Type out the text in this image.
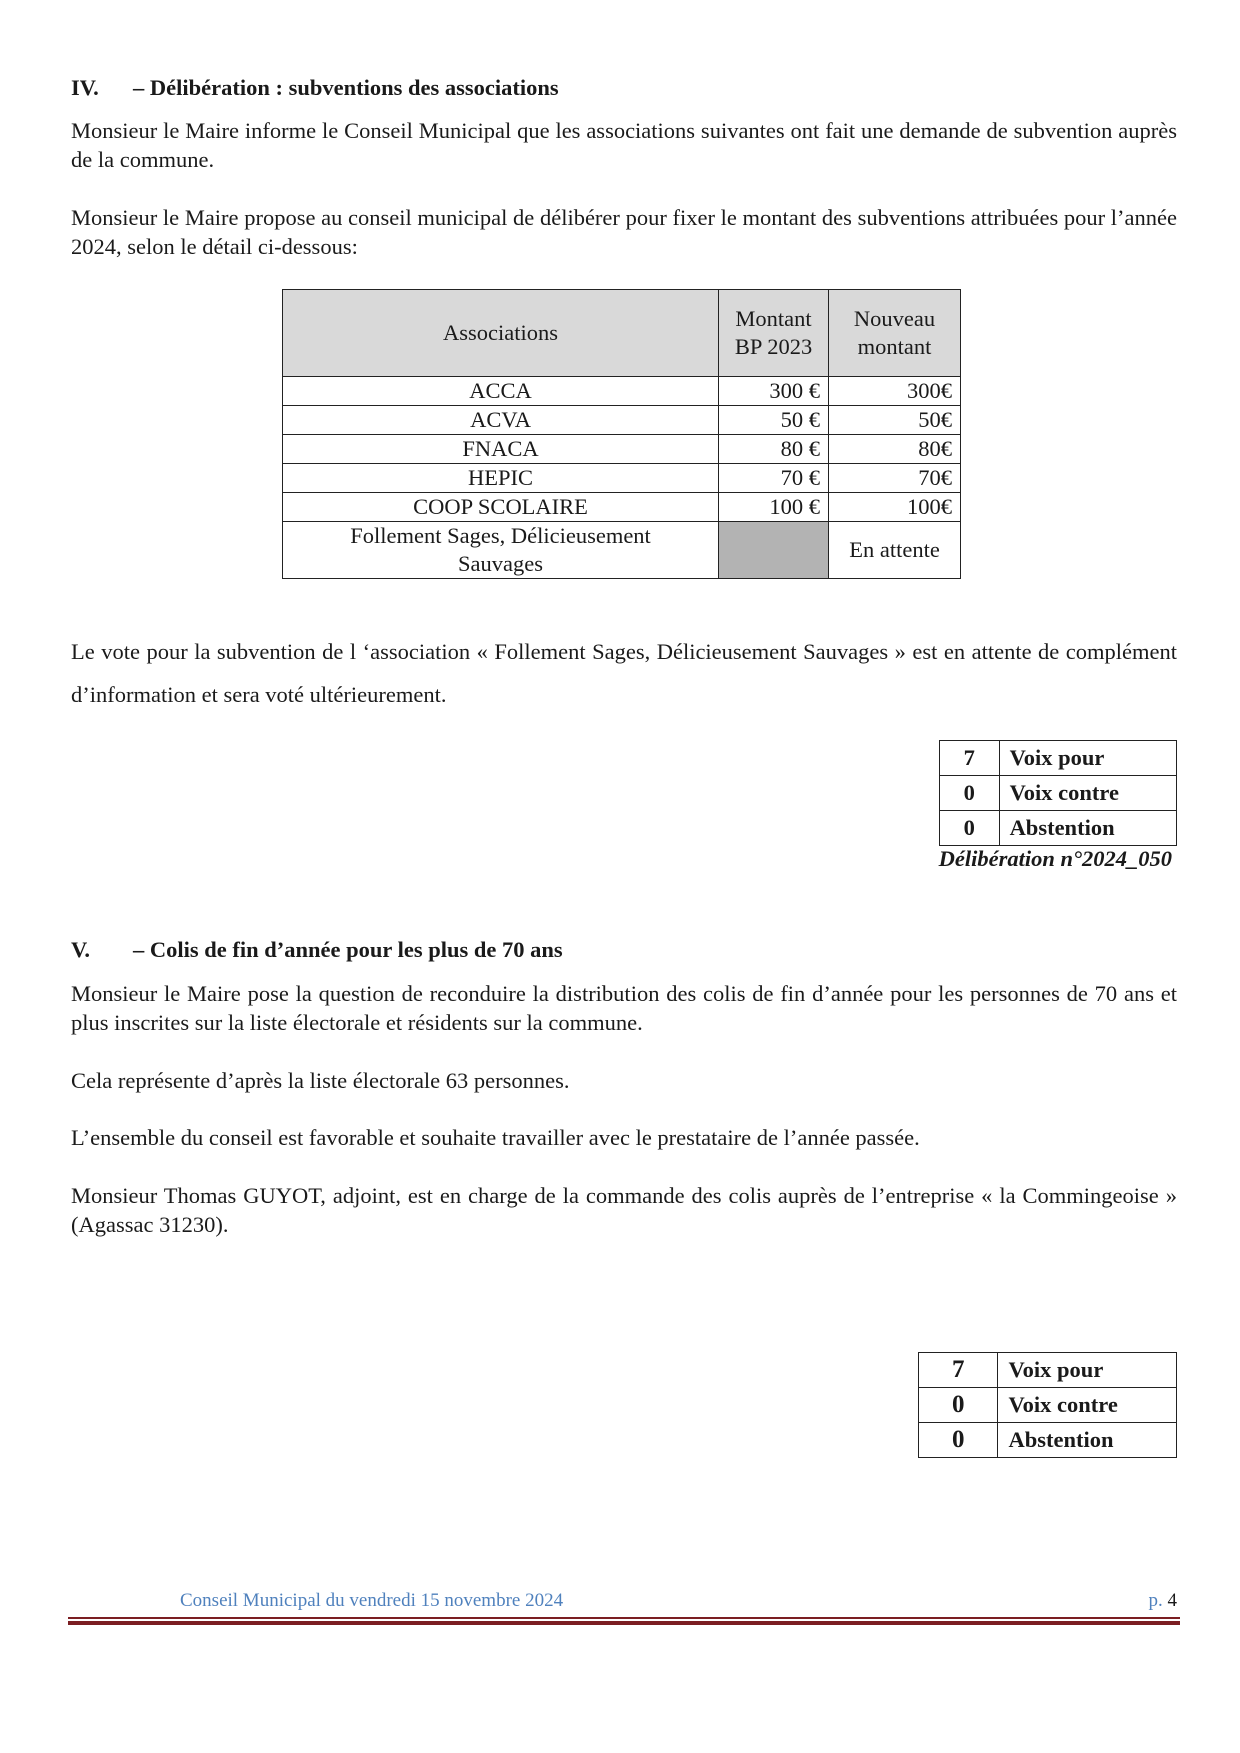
IV. – Délibération : subventions des associations

Monsieur le Maire informe le Conseil Municipal que les associations suivantes ont fait une demande de subvention auprès de la commune.

Monsieur le Maire propose au conseil municipal de délibérer pour fixer le montant des subventions attribuées pour l’année 2024, selon le détail ci-dessous:

Associations	Montant BP 2023	Nouveau montant
ACCA	300 €	300€
ACVA	50 €	50€
FNACA	80 €	80€
HEPIC	70 €	70€
COOP SCOLAIRE	100 €	100€
Follement Sages, Délicieusement Sauvages		En attente

Le vote pour la subvention de l ‘association « Follement Sages, Délicieusement Sauvages » est en attente de complément d’information et sera voté ultérieurement.

7	Voix pour
0	Voix contre
0	Abstention
Délibération n°2024_050
V. – Colis de fin d’année pour les plus de 70 ans

Monsieur le Maire pose la question de reconduire la distribution des colis de fin d’année pour les personnes de 70 ans et plus inscrites sur la liste électorale et résidents sur la commune.

Cela représente d’après la liste électorale 63 personnes.

L’ensemble du conseil est favorable et souhaite travailler avec le prestataire de l’année passée.

Monsieur Thomas GUYOT, adjoint, est en charge de la commande des colis auprès de l’entreprise « la Commingeoise » (Agassac 31230).

7	Voix pour
0	Voix contre
0	Abstention
Conseil Municipal du vendredi 15 novembre 2024	p. 4
